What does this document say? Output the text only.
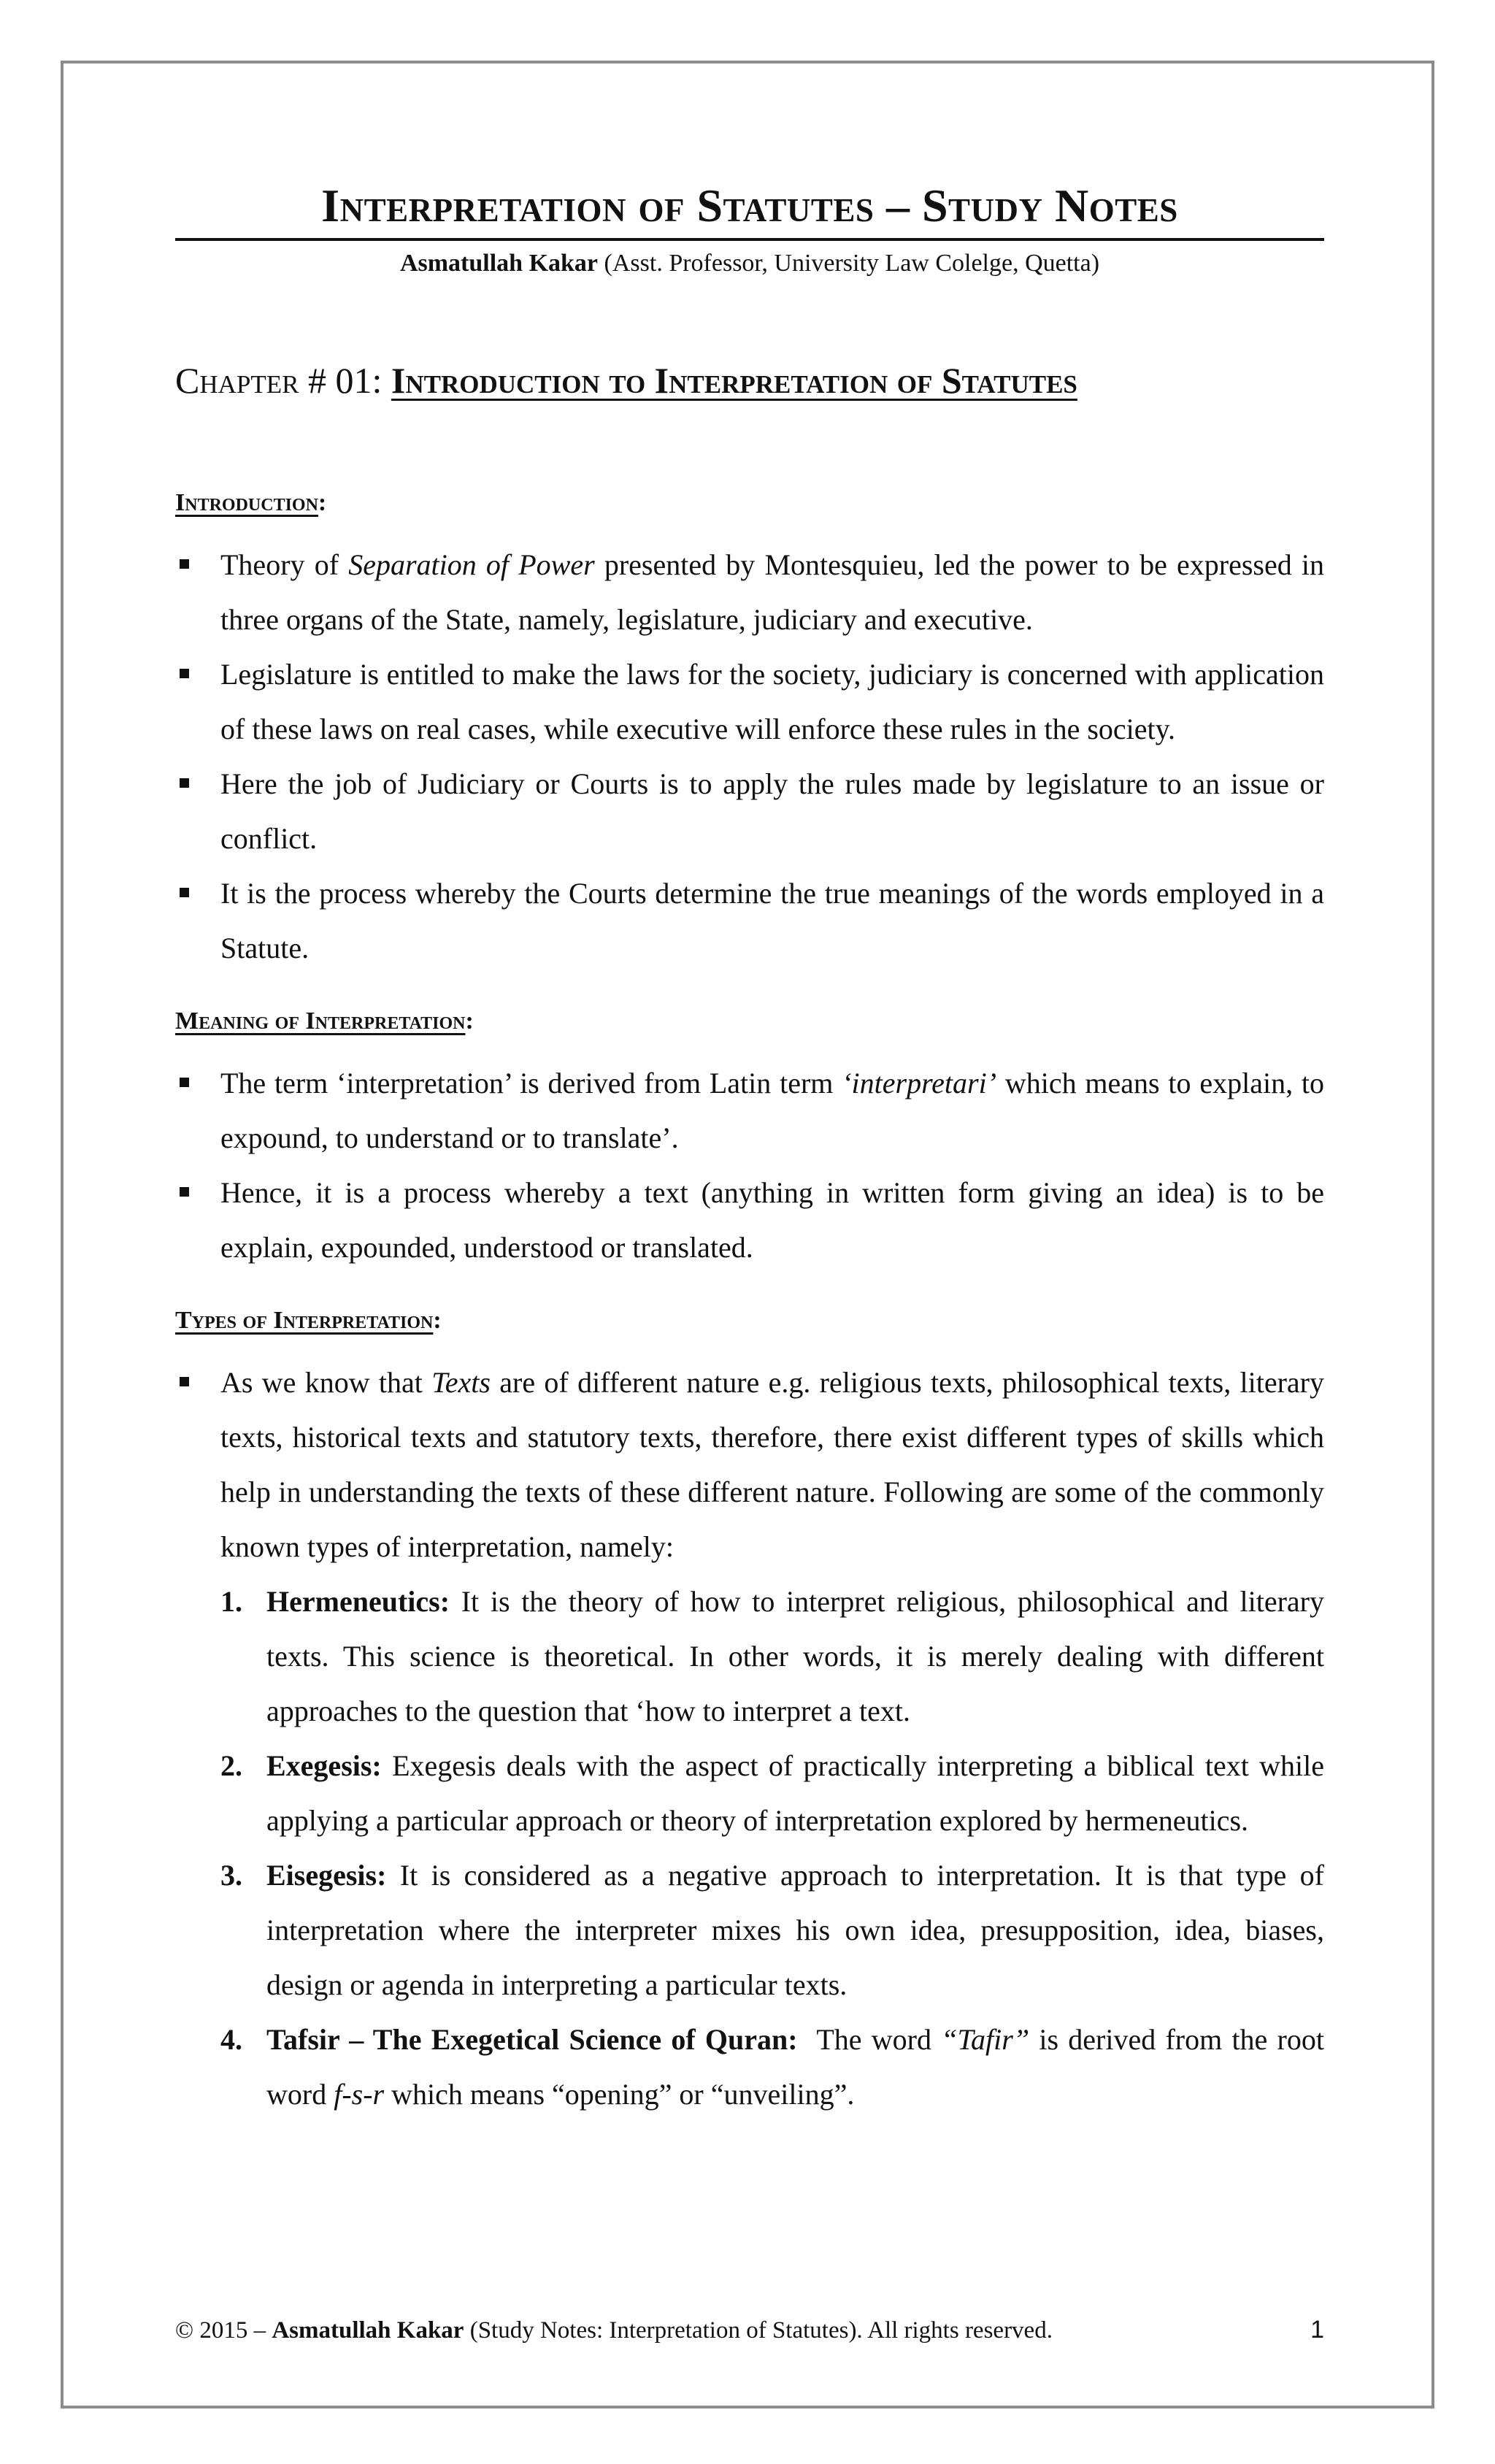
Interpretation of Statutes – Study Notes
Asmatullah Kakar (Asst. Professor, University Law Colelge, Quetta)
Chapter # 01: Introduction to Interpretation of Statutes
Introduction:
Theory of Separation of Power presented by Montesquieu, led the power to be expressed in three organs of the State, namely, legislature, judiciary and executive.
Legislature is entitled to make the laws for the society, judiciary is concerned with application of these laws on real cases, while executive will enforce these rules in the society.
Here the job of Judiciary or Courts is to apply the rules made by legislature to an issue or conflict.
It is the process whereby the Courts determine the true meanings of the words employed in a Statute.
Meaning of Interpretation:
The term ‘interpretation’ is derived from Latin term ‘interpretari’ which means to explain, to expound, to understand or to translate’.
Hence, it is a process whereby a text (anything in written form giving an idea) is to be explain, expounded, understood or translated.
Types of Interpretation:
As we know that Texts are of different nature e.g. religious texts, philosophical texts, literary texts, historical texts and statutory texts, therefore, there exist different types of skills which help in understanding the texts of these different nature. Following are some of the commonly known types of interpretation, namely:
1. Hermeneutics: It is the theory of how to interpret religious, philosophical and literary texts. This science is theoretical. In other words, it is merely dealing with different approaches to the question that ‘how to interpret a text.
2. Exegesis: Exegesis deals with the aspect of practically interpreting a biblical text while applying a particular approach or theory of interpretation explored by hermeneutics.
3. Eisegesis: It is considered as a negative approach to interpretation. It is that type of interpretation where the interpreter mixes his own idea, presupposition, idea, biases, design or agenda in interpreting a particular texts.
4. Tafsir – The Exegetical Science of Quran:  The word “Tafir” is derived from the root word f-s-r which means “opening” or “unveiling”.
© 2015 – Asmatullah Kakar (Study Notes: Interpretation of Statutes). All rights reserved.	1
